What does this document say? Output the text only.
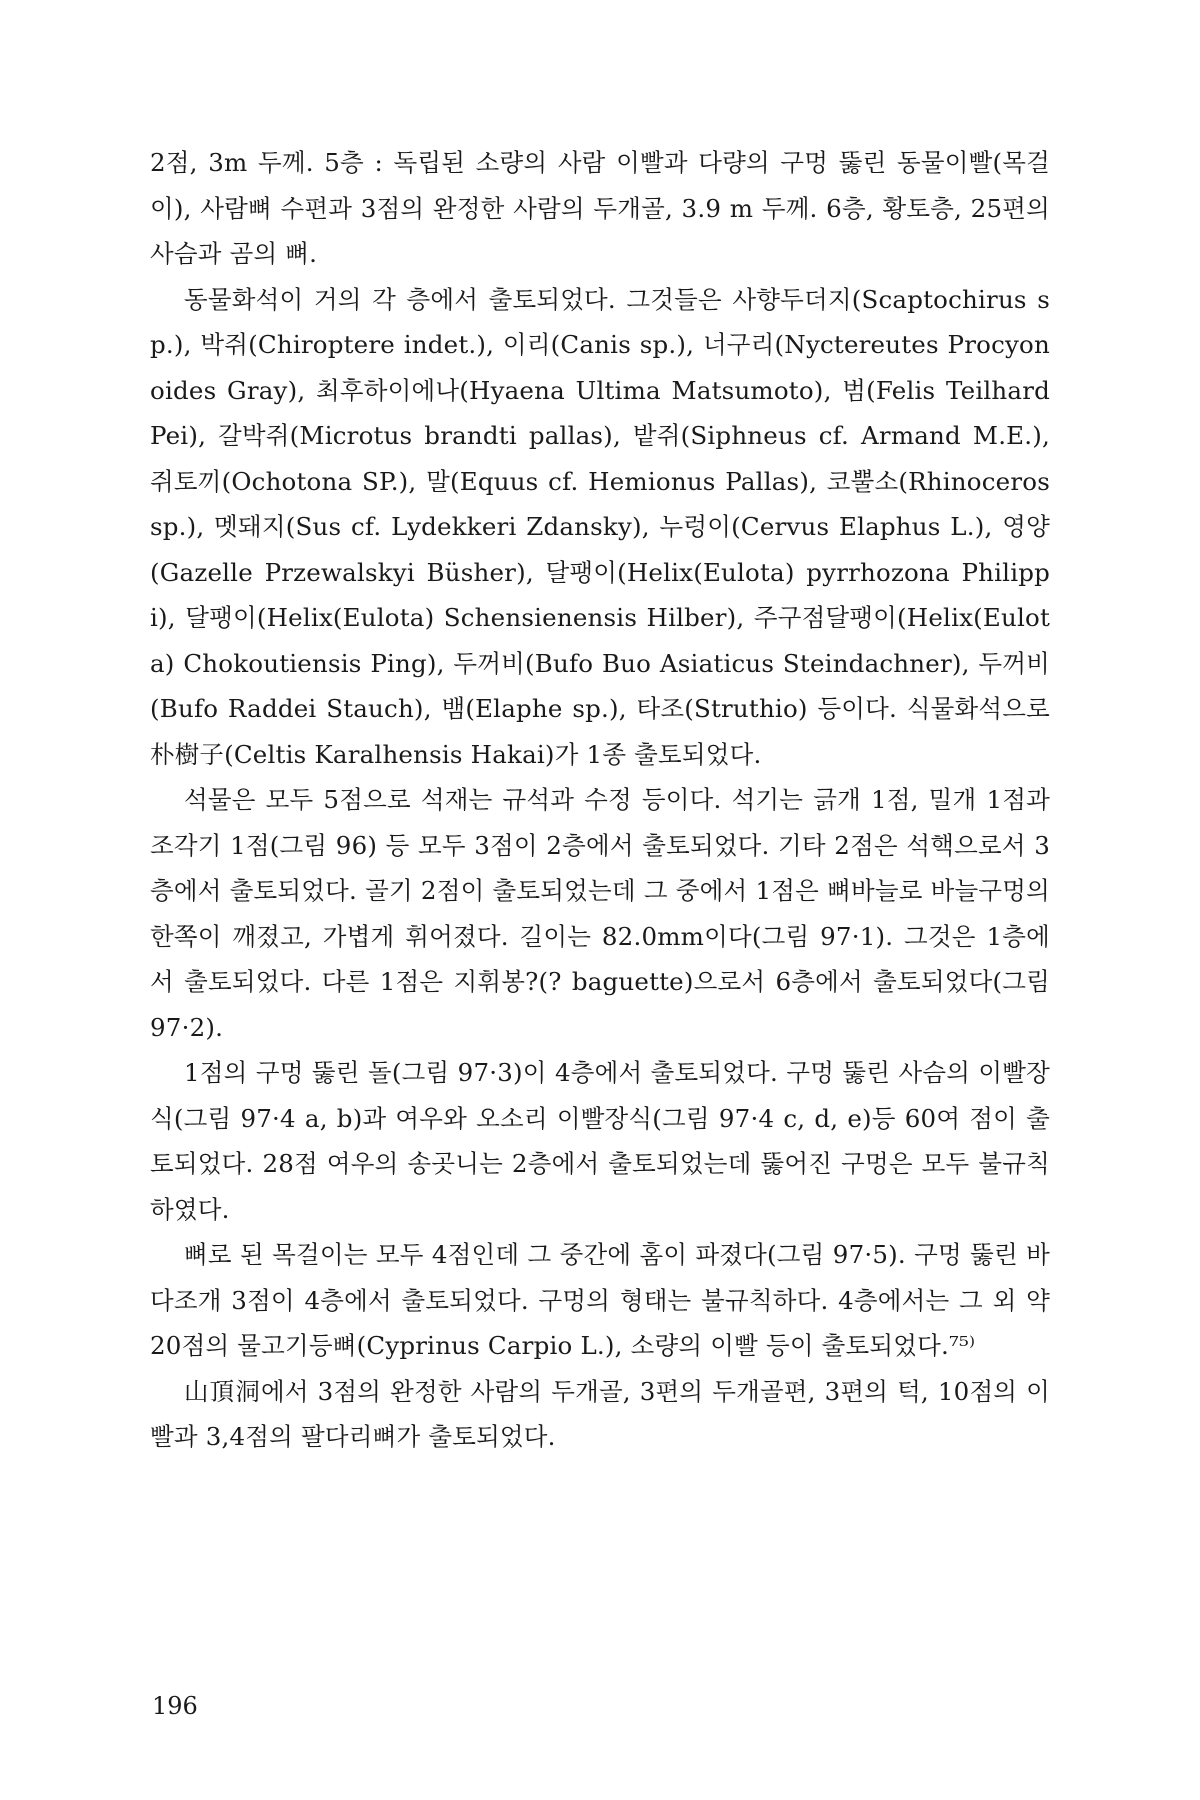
2점, 3m 두께. 5층 : 독립된 소량의 사람 이빨과 다량의 구멍 뚫린 동물이빨(목걸이), 사람뼈 수편과 3점의 완정한 사람의 두개골, 3.9 m 두께. 6층, 황토층, 25편의 사슴과 곰의 뼈.

동물화석이 거의 각 층에서 출토되었다. 그것들은 사향두더지(Scaptochirus sp.), 박쥐(Chiroptere indet.), 이리(Canis sp.), 너구리(Nyctereutes Procyonoides Gray), 최후하이에나(Hyaena Ultima Matsumoto), 범(Felis Teilhard Pei), 갈박쥐(Microtus brandti pallas), 밭쥐(Siphneus cf. Armand M.E.), 쥐토끼(Ochotona SP.), 말(Equus cf. Hemionus Pallas), 코뿔소(Rhinoceros sp.), 멧돼지(Sus cf. Lydekkeri Zdansky), 누렁이(Cervus Elaphus L.), 영양(Gazelle Przewalskyi Büsher), 달팽이(Helix(Eulota) pyrrhozona Philippi), 달팽이(Helix(Eulota) Schensienensis Hilber), 주구점달팽이(Helix(Eulota) Chokoutiensis Ping), 두꺼비(Bufo Buo Asiaticus Steindachner), 두꺼비(Bufo Raddei Stauch), 뱀(Elaphe sp.), 타조(Struthio) 등이다. 식물화석으로 朴樹子(Celtis Karalhensis Hakai)가 1종 출토되었다.

석물은 모두 5점으로 석재는 규석과 수정 등이다. 석기는 긁개 1점, 밀개 1점과 조각기 1점(그림 96) 등 모두 3점이 2층에서 출토되었다. 기타 2점은 석핵으로서 3층에서 출토되었다. 골기 2점이 출토되었는데 그 중에서 1점은 뼈바늘로 바늘구멍의 한쪽이 깨졌고, 가볍게 휘어졌다. 길이는 82.0mm이다(그림 97·1). 그것은 1층에서 출토되었다. 다른 1점은 지휘봉?(? baguette)으로서 6층에서 출토되었다(그림 97·2).

1점의 구멍 뚫린 돌(그림 97·3)이 4층에서 출토되었다. 구멍 뚫린 사슴의 이빨장식(그림 97·4 a, b)과 여우와 오소리 이빨장식(그림 97·4 c, d, e)등 60여 점이 출토되었다. 28점 여우의 송곳니는 2층에서 출토되었는데 뚫어진 구멍은 모두 불규칙하였다.

뼈로 된 목걸이는 모두 4점인데 그 중간에 홈이 파졌다(그림 97·5). 구멍 뚫린 바다조개 3점이 4층에서 출토되었다. 구멍의 형태는 불규칙하다. 4층에서는 그 외 약 20점의 물고기등뼈(Cyprinus Carpio L.), 소량의 이빨 등이 출토되었다.⁷⁵⁾

山頂洞에서 3점의 완정한 사람의 두개골, 3편의 두개골편, 3편의 턱, 10점의 이빨과 3,4점의 팔다리뼈가 출토되었다.

196
